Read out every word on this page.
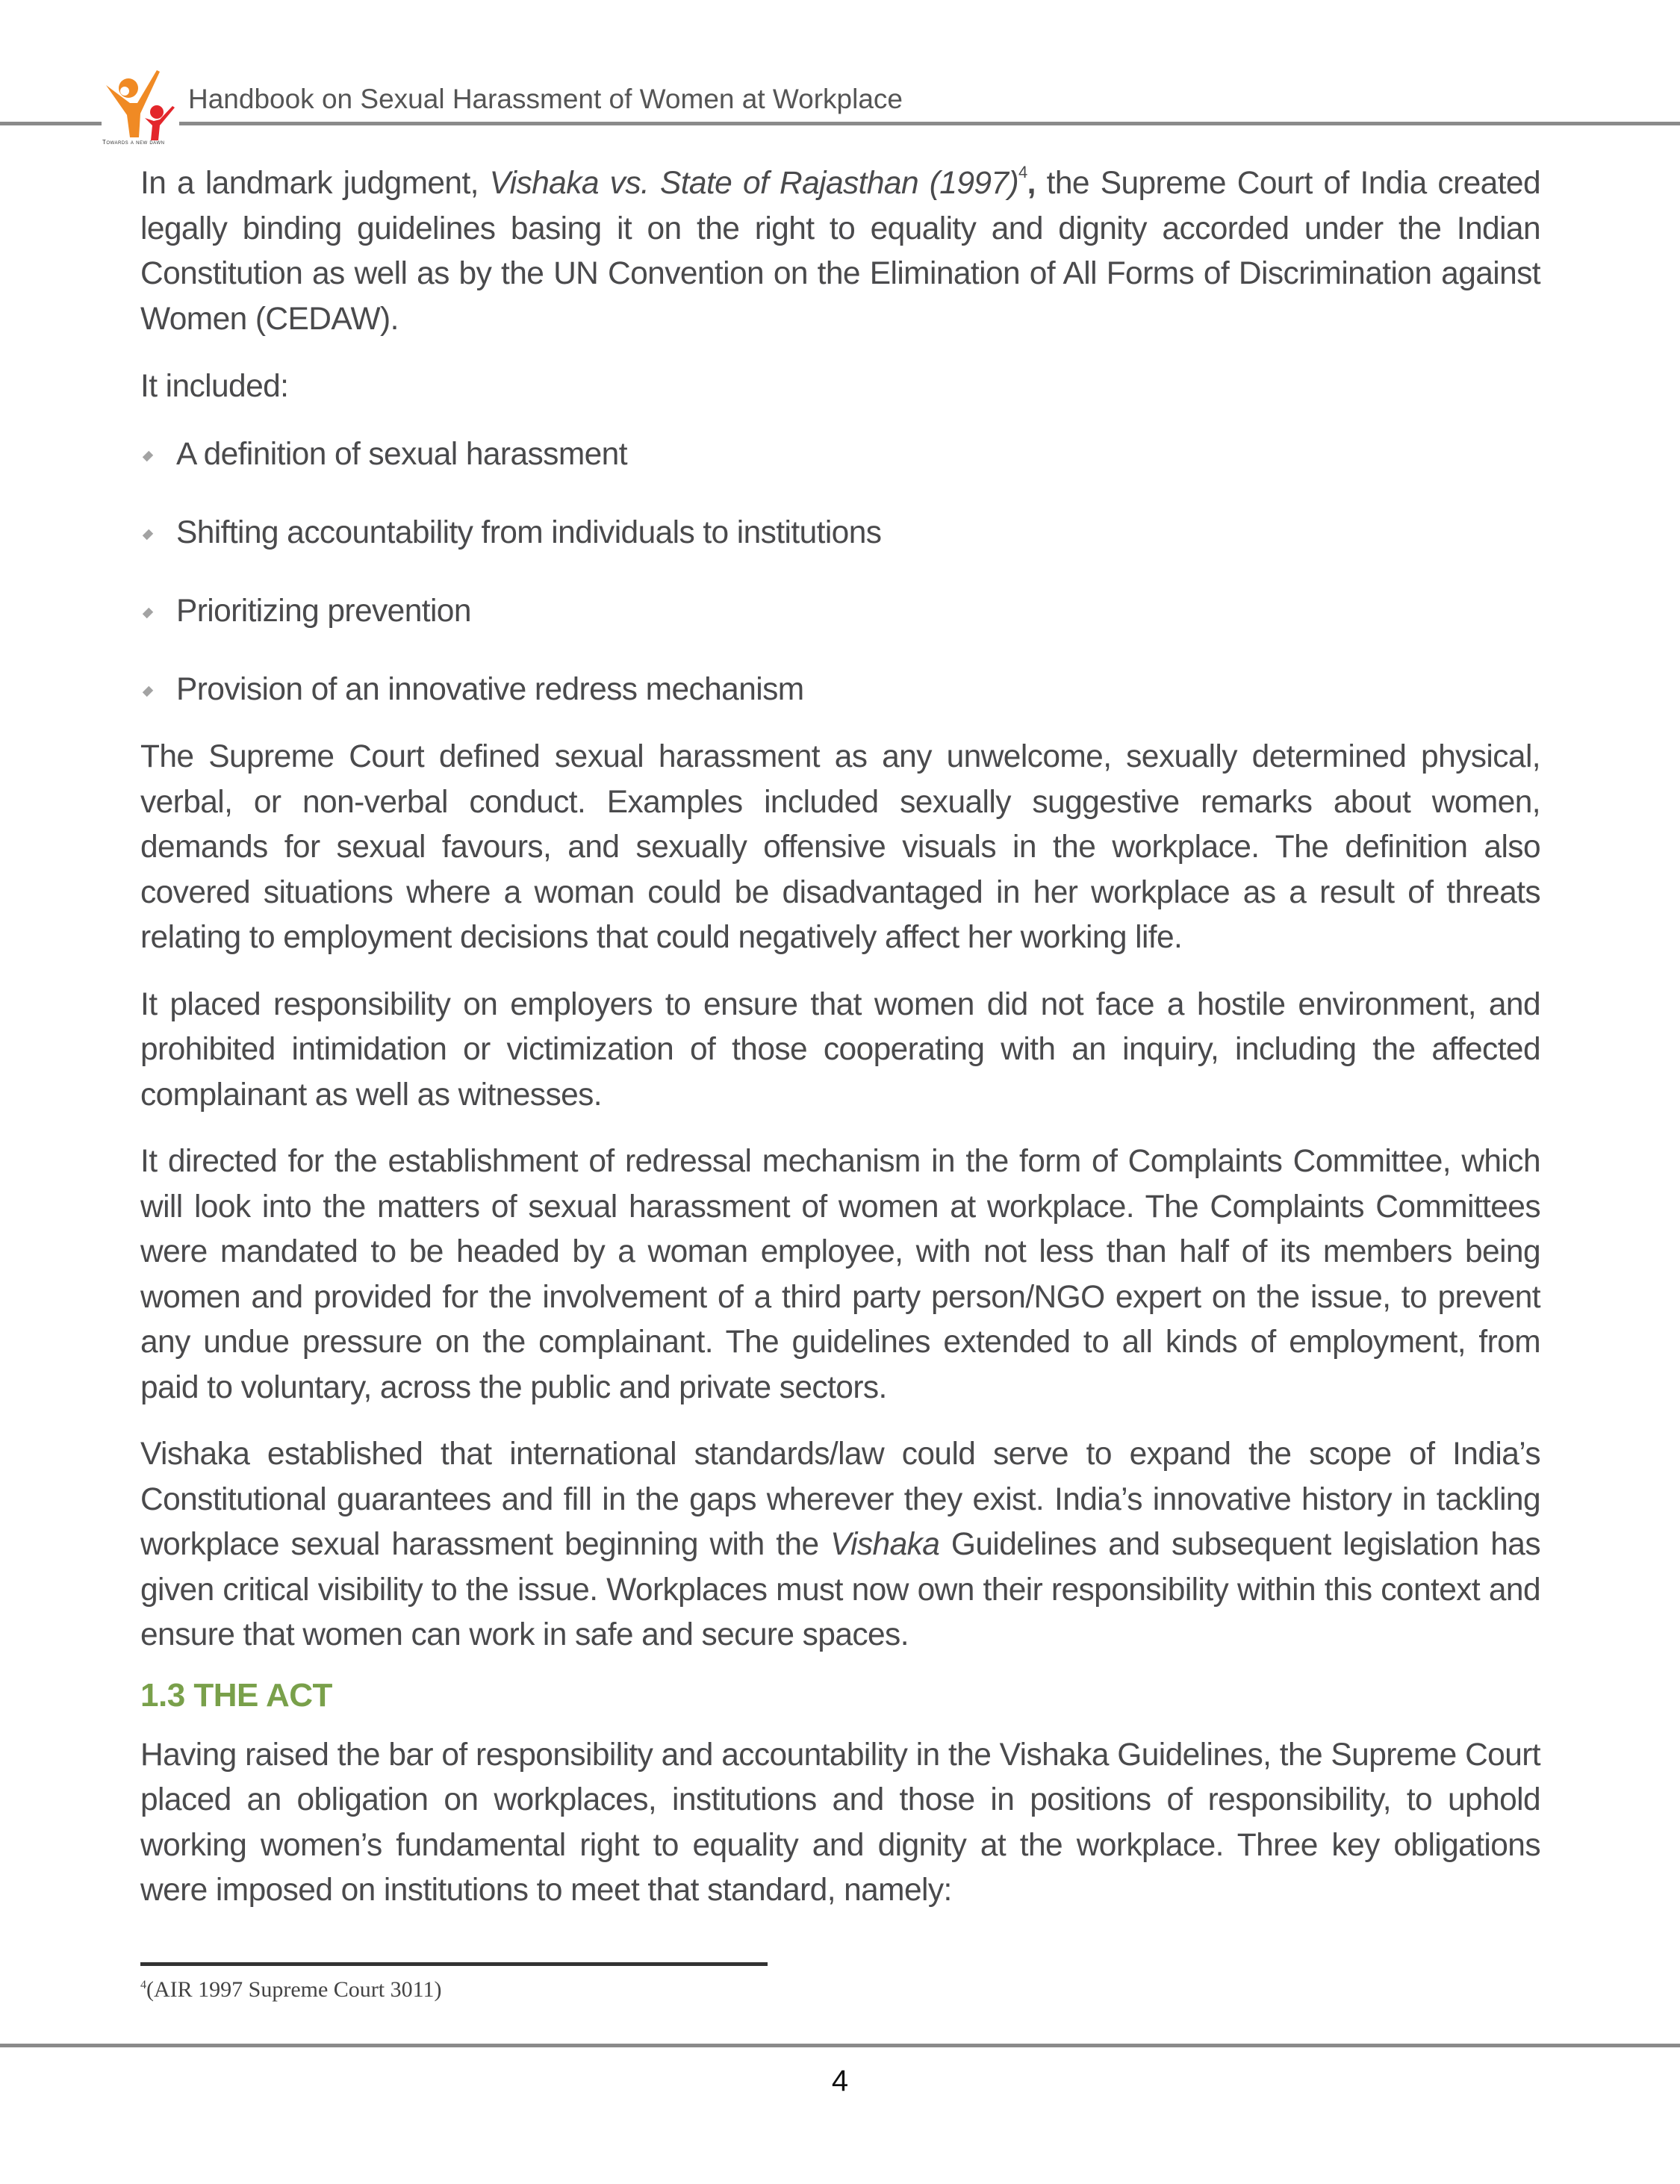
Towards a new dawn
Handbook on Sexual Harassment of Women at Workplace

In a landmark judgment, Vishaka vs. State of Rajasthan (1997)$^4$, the Supreme Court of India created legally binding guidelines basing it on the right to equality and dignity accorded under the Indian Constitution as well as by the UN Convention on the Elimination of All Forms of Discrimination against Women (CEDAW).

It included:

A definition of sexual harassment
Shifting accountability from individuals to institutions
Prioritizing prevention
Provision of an innovative redress mechanism

The Supreme Court defined sexual harassment as any unwelcome, sexually determined physical, verbal, or non-verbal conduct. Examples included sexually suggestive remarks about women, demands for sexual favours, and sexually offensive visuals in the workplace. The definition also covered situations where a woman could be disadvantaged in her workplace as a result of threats relating to employment decisions that could negatively affect her working life.

It placed responsibility on employers to ensure that women did not face a hostile environment, and prohibited intimidation or victimization of those cooperating with an inquiry, including the affected complainant as well as witnesses.

It directed for the establishment of redressal mechanism in the form of Complaints Committee, which will look into the matters of sexual harassment of women at workplace. The Complaints Committees were mandated to be headed by a woman employee, with not less than half of its members being women and provided for the involvement of a third party person/NGO expert on the issue, to prevent any undue pressure on the complainant. The guidelines extended to all kinds of employment, from paid to voluntary, across the public and private sectors.

Vishaka established that international standards/law could serve to expand the scope of India’s Constitutional guarantees and fill in the gaps wherever they exist. India’s innovative history in tackling workplace sexual harassment beginning with the Vishaka Guidelines and subsequent legislation has given critical visibility to the issue. Workplaces must now own their responsibility within this context and ensure that women can work in safe and secure spaces.

1.3 THE ACT

Having raised the bar of responsibility and accountability in the Vishaka Guidelines, the Supreme Court placed an obligation on workplaces, institutions and those in positions of responsibility, to uphold working women’s fundamental right to equality and dignity at the workplace. Three key obligations were imposed on institutions to meet that standard, namely:

$^4$(AIR 1997 Supreme Court 3011)
4
